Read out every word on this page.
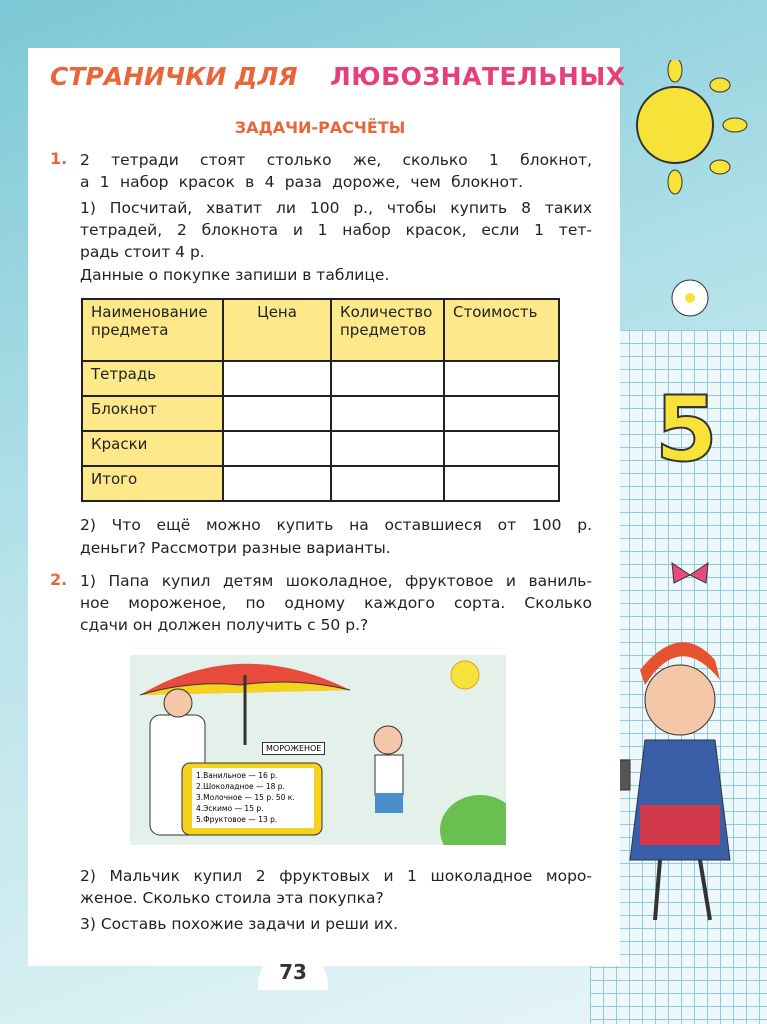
СТРАНИЧКИ ДЛЯ ЛЮБОЗНАТЕЛЬНЫХ
ЗАДАЧИ-РАСЧЁТЫ
1. 2 тетради стоят столько же, сколько 1 блокнот,
а 1 набор красок в 4 раза дороже, чем блокнот.
1) Посчитай, хватит ли 100 р., чтобы купить 8 таких
тетрадей, 2 блокнота и 1 набор красок, если 1 тет-
радь стоит 4 р.
Данные о покупке запиши в таблице.
Наименование предмета	Цена	Количество предметов	Стоимость
Тетрадь			
Блокнот			
Краски			
Итого			
2) Что ещё можно купить на оставшиеся от 100 р.
деньги? Рассмотри разные варианты.
2. 1) Папа купил детям шоколадное, фруктовое и ваниль-
ное мороженое, по одному каждого сорта. Сколько
сдачи он должен получить с 50 р.?
МОРОЖЕНОЕ
1.Ванильное — 16 р.
2.Шоколадное — 18 р.
3.Молочное — 15 р. 50 к.
4.Эскимо — 15 р.
5.Фруктовое — 13 р.
2) Мальчик купил 2 фруктовых и 1 шоколадное моро-
женое. Сколько стоила эта покупка?
3) Составь похожие задачи и реши их.
73
5
